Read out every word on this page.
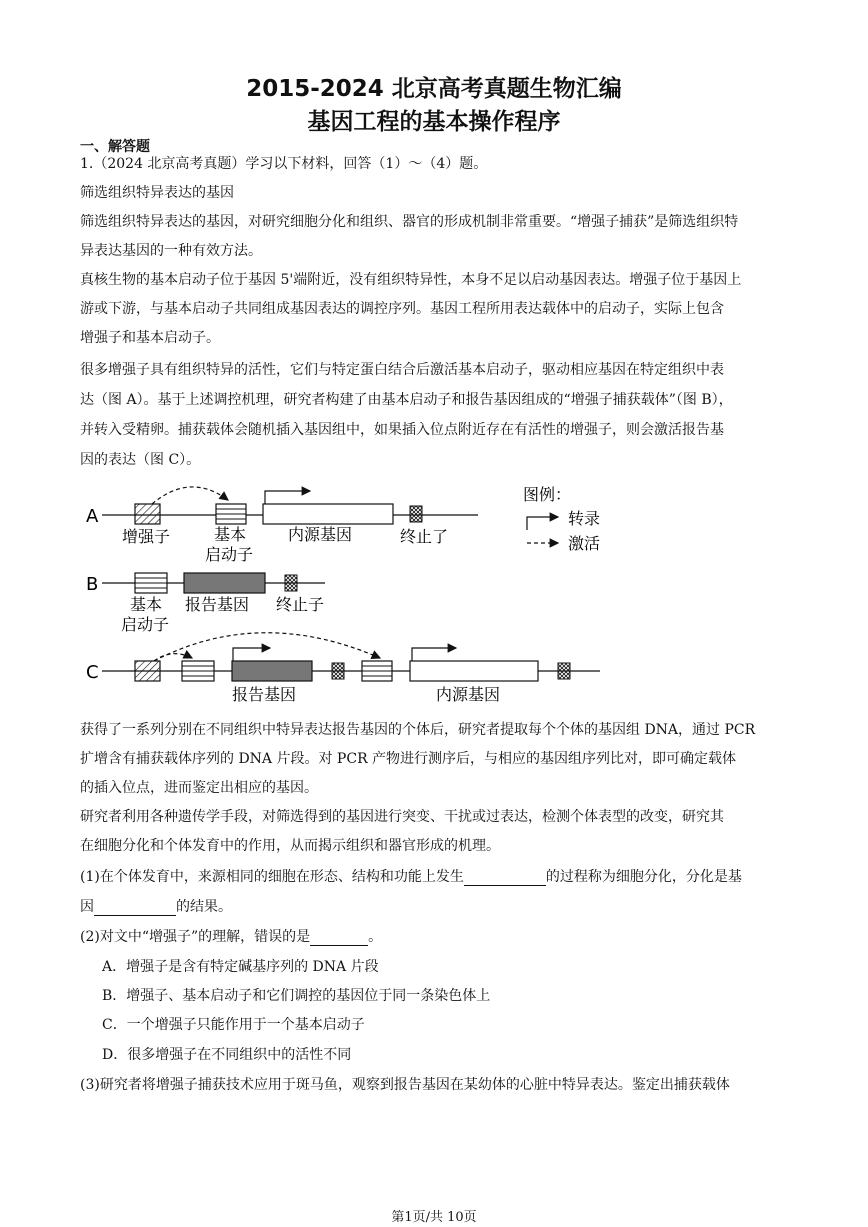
2015-2024 北京高考真题生物汇编
基因工程的基本操作程序
一、解答题
1.（2024 北京高考真题）学习以下材料，回答（1）～（4）题。
筛选组织特异表达的基因
筛选组织特异表达的基因，对研究细胞分化和组织、器官的形成机制非常重要。“增强子捕获”是筛选组织特
异表达基因的一种有效方法。
真核生物的基本启动子位于基因 5'端附近，没有组织特异性，本身不足以启动基因表达。增强子位于基因上
游或下游，与基本启动子共同组成基因表达的调控序列。基因工程所用表达载体中的启动子，实际上包含
增强子和基本启动子。
很多增强子具有组织特异的活性，它们与特定蛋白结合后激活基本启动子，驱动相应基因在特定组织中表
达（图 A）。基于上述调控机理，研究者构建了由基本启动子和报告基因组成的“增强子捕获载体”（图 B），
并转入受精卵。捕获载体会随机插入基因组中，如果插入位点附近存在有活性的增强子，则会激活报告基
因的表达（图 C）。
A
增强子	基本
启动子
内源基因	终止了
图例：
转录
激活
B
基本
启动子
报告基因 终止子
C
报告基因	内源基因
获得了一系列分别在不同组织中特异表达报告基因的个体后，研究者提取每个个体的基因组 DNA，通过 PCR
扩增含有捕获载体序列的 DNA 片段。对 PCR 产物进行测序后，与相应的基因组序列比对，即可确定载体
的插入位点，进而鉴定出相应的基因。
研究者利用各种遗传学手段，对筛选得到的基因进行突变、干扰或过表达，检测个体表型的改变，研究其
在细胞分化和个体发育中的作用，从而揭示组织和器官形成的机理。
(1)在个体发育中，来源相同的细胞在形态、结构和功能上发生	的过程称为细胞分化，分化是基
因	的结果。
(2)对文中“增强子”的理解，错误的是	。
A．增强子是含有特定碱基序列的 DNA 片段
B．增强子、基本启动子和它们调控的基因位于同一条染色体上
C．一个增强子只能作用于一个基本启动子
D．很多增强子在不同组织中的活性不同
(3)研究者将增强子捕获技术应用于斑马鱼，观察到报告基因在某幼体的心脏中特异表达。鉴定出捕获载体
第1页/共 10页
